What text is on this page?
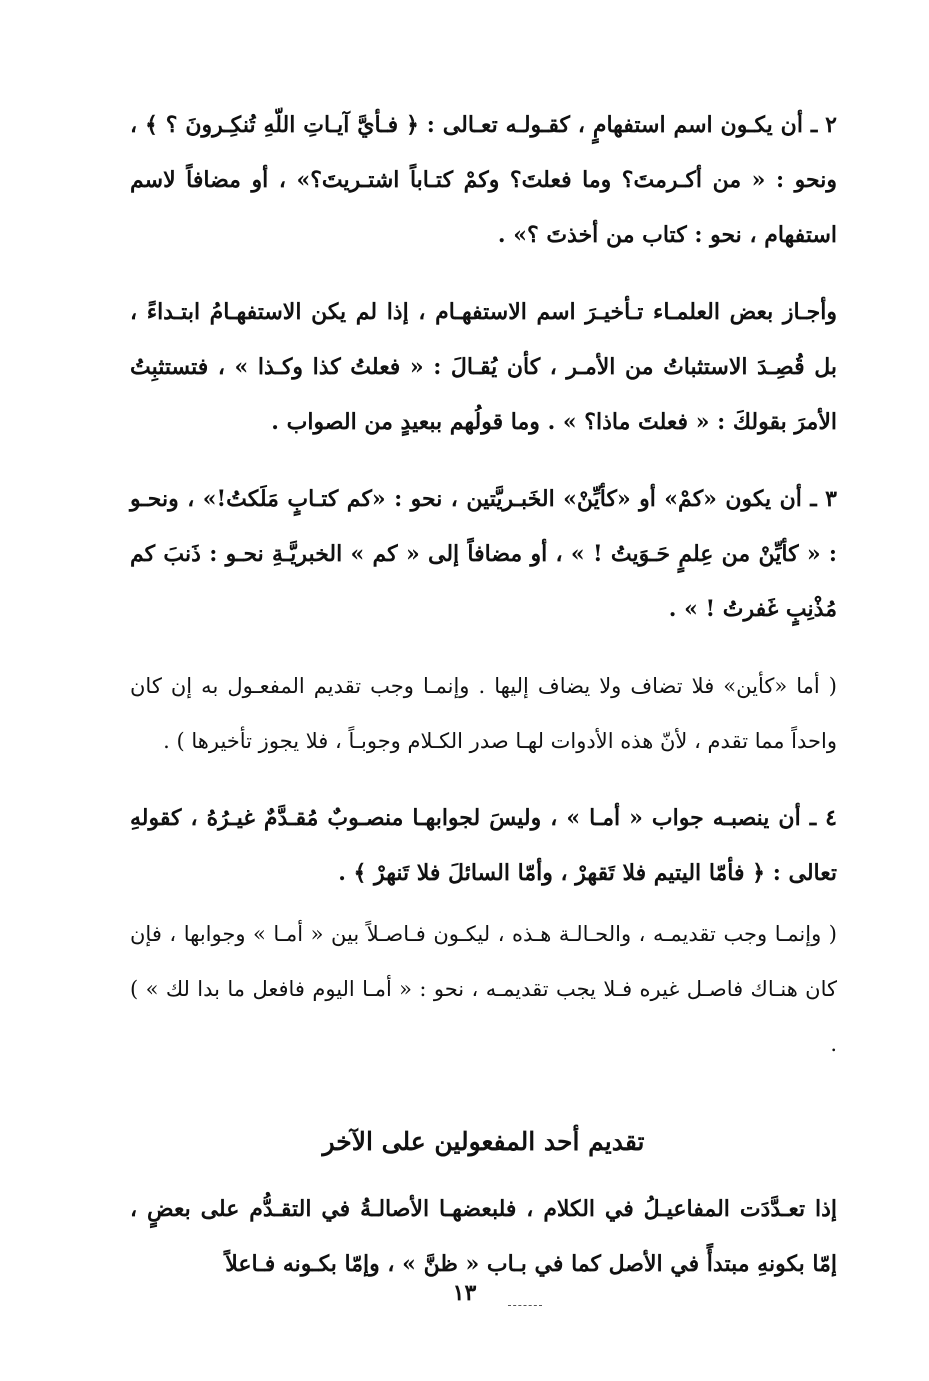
٢ ـ أن يكـون اسم استفهامٍ ، كقـولـه تعـالى : ﴿ فـأيَّ آيـاتِ اللّهِ تُنكِـرونَ ؟ ﴾ ، ونحو : « من أكـرمتَ؟ وما فعلتَ؟ وكمْ كتـاباً اشتـريتَ؟» ، أو مضافاً لاسم استفهام ، نحو : كتاب من أخذتَ ؟» .

وأجـاز بعض العلمـاء تـأخيـرَ اسم الاستفهـام ، إذا لم يكن الاستفهـامُ ابتـداءً ، بل قُصِـدَ الاستثباتُ من الأمـر ، كأن يُقـالَ : « فعلتُ كذا وكـذا » ، فتستثبِتُ الأمرَ بقولكَ : « فعلتَ ماذا؟ » . وما قولُهم ببعيدٍ من الصواب .

٣ ـ أن يكون «كمْ» أو «كأيِّنْ» الخَبـريَّتين ، نحو : «كم كتـابٍ مَلَكتُ!» ، ونحـو : « كأيِّنْ من عِلمٍ حَـوَيتُ ! » ، أو مضافاً إلى « كم » الخبريَّـةِ نحـو : ذَنبَ كم مُذْنِبٍ غَفرتُ ! » .

( أما «كأين» فلا تضاف ولا يضاف إليها . وإنمـا وجب تقديم المفعـول به إن كان واحداً مما تقدم ، لأنّ هذه الأدوات لهـا صدر الكـلام وجوبـاً ، فلا يجوز تأخيرها ) .

٤ ـ أن ينصبـه جواب « أمـا » ، وليسَ لجوابهـا منصـوبٌ مُقـدَّمٌ غيـرُهُ ، كقولهِ تعالى : ﴿ فأمّا اليتيم فلا تَقهرْ ، وأمّا السائلَ فلا تَنهرْ ﴾ .

( وإنمـا وجب تقديمـه ، والحـالـة هـذه ، ليكـون فـاصـلاً بين « أمـا » وجوابها ، فإن كان هنـاك فاصـل غيره فـلا يجب تقديمـه ، نحو : « أمـا اليوم فافعل ما بدا لك » ) .

تقديم أحد المفعولين على الآخر

إذا تعـدَّدَت المفاعيـلُ في الكلام ، فلبعضهـا الأصالـةُ في التقـدُّم على بعضٍ ، إمّا بكونهِ مبتدأً في الأصل كما في بـاب « ظنَّ » ، وإمّا بكـونه فـاعلاً

١٣
